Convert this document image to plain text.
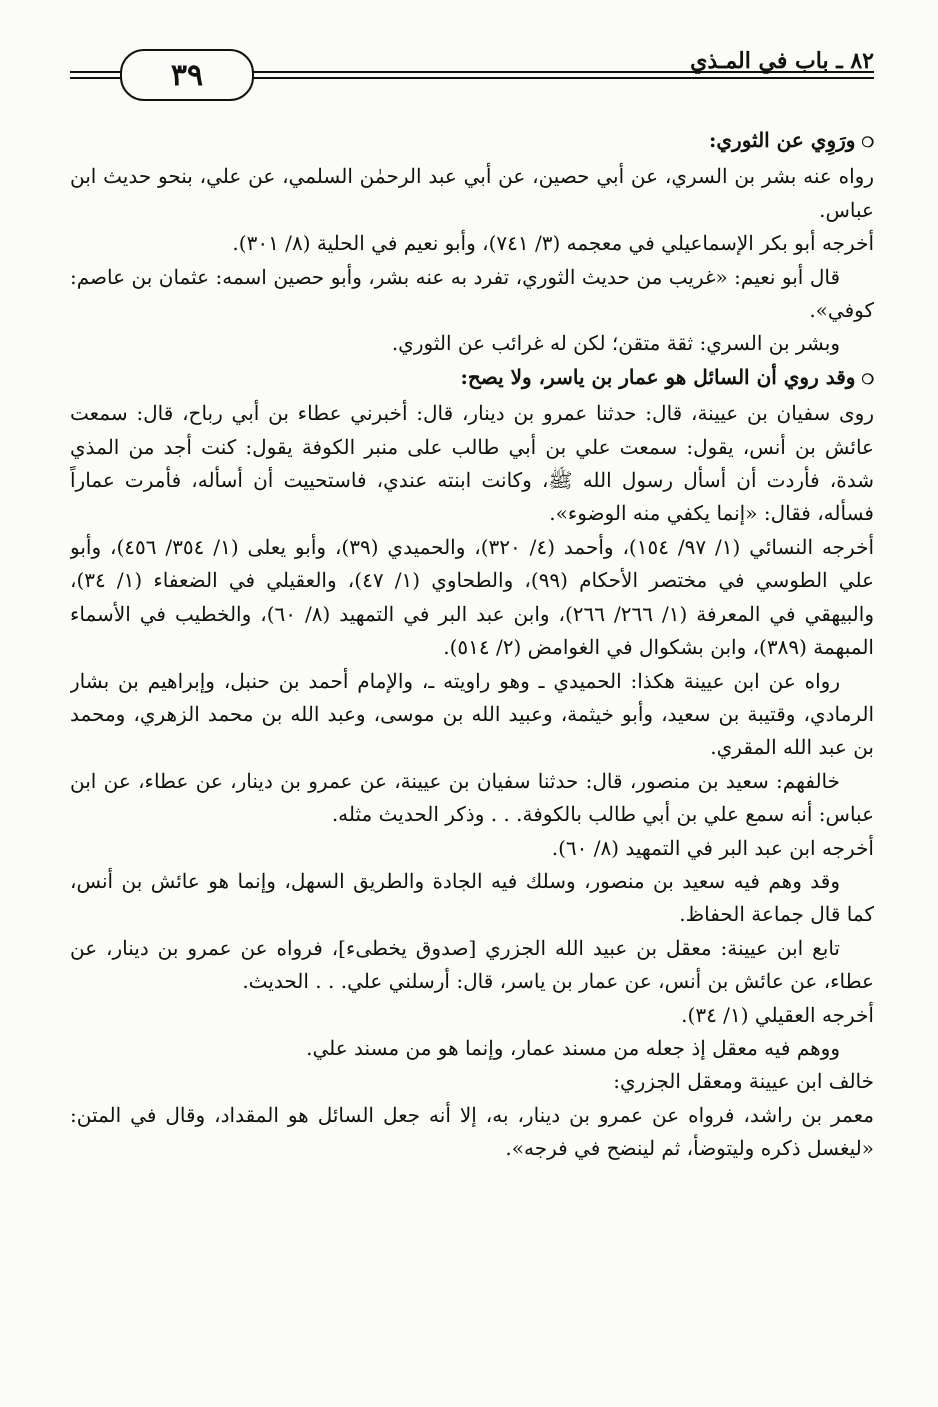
٣٩	٨٢ ـ باب في المـذي

❍ورَوِي عن الثوري:

رواه عنه بشر بن السري، عن أبي حصين، عن أبي عبد الرحمٰن السلمي، عن علي، بنحو حديث ابن عباس.

أخرجه أبو بكر الإسماعيلي في معجمه (٣/ ٧٤١)، وأبو نعيم في الحلية (٨/ ٣٠١).

قال أبو نعيم: «غريب من حديث الثوري، تفرد به عنه بشر، وأبو حصين اسمه: عثمان بن عاصم: كوفي».

وبشر بن السري: ثقة متقن؛ لكن له غرائب عن الثوري.

❍وقد روي أن السائل هو عمار بن ياسر، ولا يصح:

روى سفيان بن عيينة، قال: حدثنا عمرو بن دينار، قال: أخبرني عطاء بن أبي رباح، قال: سمعت عائش بن أنس، يقول: سمعت علي بن أبي طالب على منبر الكوفة يقول: كنت أجد من المذي شدة، فأردت أن أسأل رسول الله ﷺ، وكانت ابنته عندي، فاستحييت أن أسأله، فأمرت عماراً فسأله، فقال: «إنما يكفي منه الوضوء».

أخرجه النسائي (١/ ٩٧/ ١٥٤)، وأحمد (٤/ ٣٢٠)، والحميدي (٣٩)، وأبو يعلى (١/ ٣٥٤/ ٤٥٦)، وأبو علي الطوسي في مختصر الأحكام (٩٩)، والطحاوي (١/ ٤٧)، والعقيلي في الضعفاء (١/ ٣٤)، والبيهقي في المعرفة (١/ ٢٦٦/ ٢٦٦)، وابن عبد البر في التمهيد (٨/ ٦٠)، والخطيب في الأسماء المبهمة (٣٨٩)، وابن بشكوال في الغوامض (٢/ ٥١٤).

رواه عن ابن عيينة هكذا: الحميدي ـ وهو راويته ـ، والإمام أحمد بن حنبل، وإبراهيم بن بشار الرمادي، وقتيبة بن سعيد، وأبو خيثمة، وعبيد الله بن موسى، وعبد الله بن محمد الزهري، ومحمد بن عبد الله المقري.

خالفهم: سعيد بن منصور، قال: حدثنا سفيان بن عيينة، عن عمرو بن دينار، عن عطاء، عن ابن عباس: أنه سمع علي بن أبي طالب بالكوفة. . . وذكر الحديث مثله.

أخرجه ابن عبد البر في التمهيد (٨/ ٦٠).

وقد وهم فيه سعيد بن منصور، وسلك فيه الجادة والطريق السهل، وإنما هو عائش بن أنس، كما قال جماعة الحفاظ.

تابع ابن عيينة: معقل بن عبيد الله الجزري [صدوق يخطىء]، فرواه عن عمرو بن دينار، عن عطاء، عن عائش بن أنس، عن عمار بن ياسر، قال: أرسلني علي. . . الحديث.

أخرجه العقيلي (١/ ٣٤).

ووهم فيه معقل إذ جعله من مسند عمار، وإنما هو من مسند علي.

خالف ابن عيينة ومعقل الجزري:

معمر بن راشد، فرواه عن عمرو بن دينار، به، إلا أنه جعل السائل هو المقداد، وقال في المتن: «ليغسل ذكره وليتوضأ، ثم لينضح في فرجه».
